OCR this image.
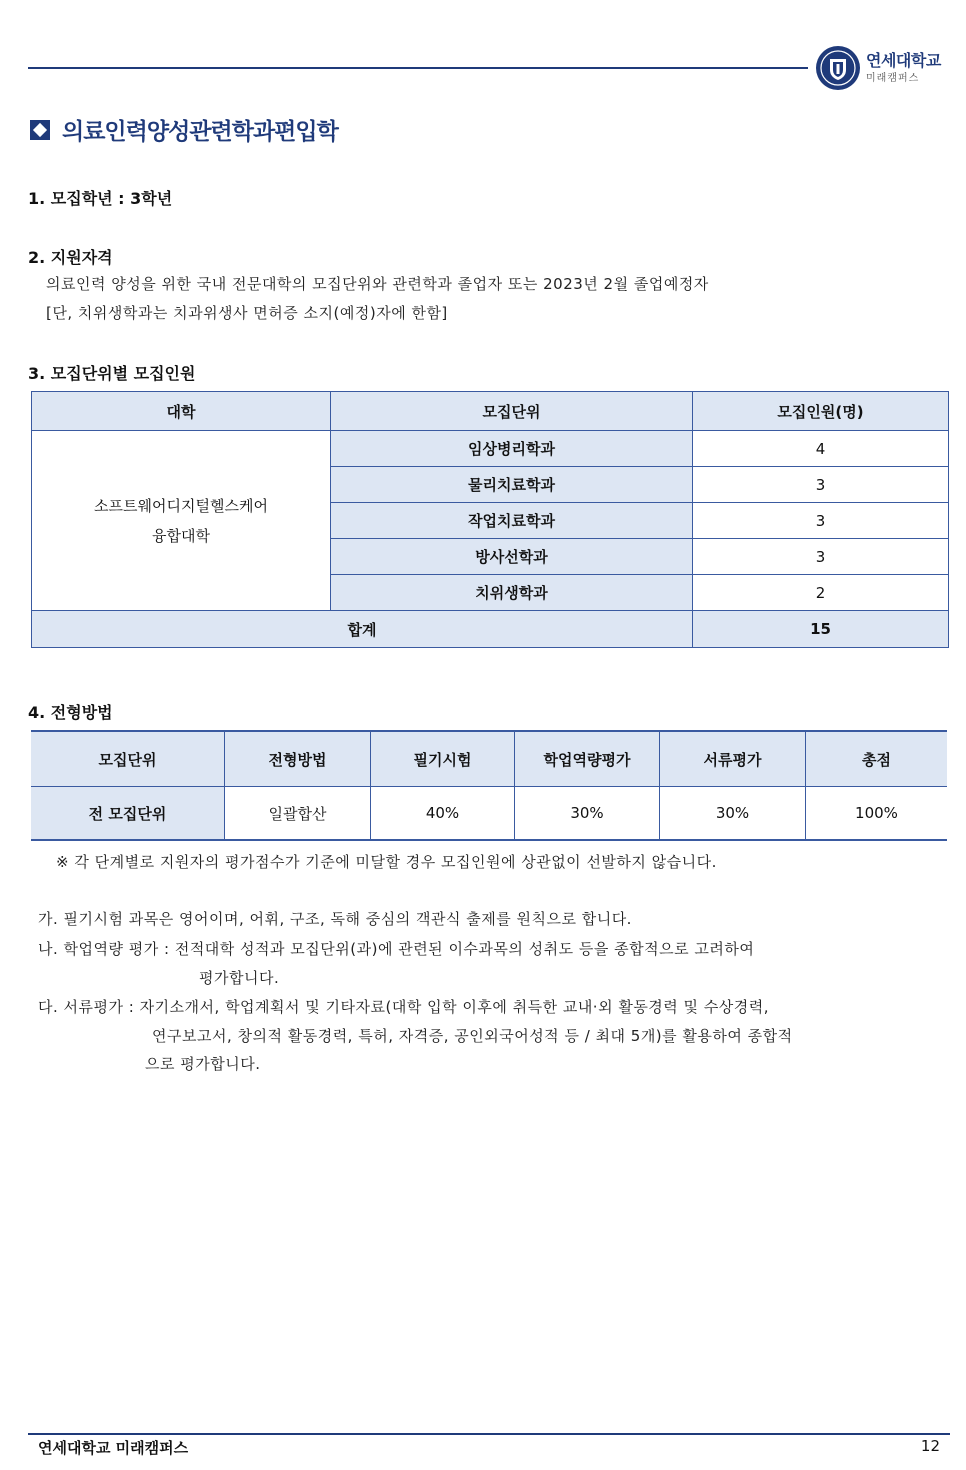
연세대학교
미래캠퍼스
의료인력양성관련학과편입학
1. 모집학년 : 3학년
2. 지원자격
의료인력 양성을 위한 국내 전문대학의 모집단위와 관련학과 졸업자 또는 2023년 2월 졸업예정자
[단, 치위생학과는 치과위생사 면허증 소지(예정)자에 한함]
3. 모집단위별 모집인원
대학	모집단위	모집인원(명)

소프트웨어디지털헬스케어
융합대학	임상병리학과	4
	물리치료학과	3
	작업치료학과	3
	방사선학과	3
	치위생학과	2
합계		15
4. 전형방법
모집단위	전형방법	필기시험	학업역량평가	서류평가	총점
전 모집단위	일괄합산	40%	30%	30%	100%
※ 각 단계별로 지원자의 평가점수가 기준에 미달할 경우 모집인원에 상관없이 선발하지 않습니다.
가. 필기시험 과목은 영어이며, 어휘, 구조, 독해 중심의 객관식 출제를 원칙으로 합니다.
나. 학업역량 평가 : 전적대학 성적과 모집단위(과)에 관련된 이수과목의 성취도 등을 종합적으로 고려하여
평가합니다.
다. 서류평가 : 자기소개서, 학업계획서 및 기타자료(대학 입학 이후에 취득한 교내·외 활동경력 및 수상경력,
연구보고서, 창의적 활동경력, 특허, 자격증, 공인외국어성적 등 / 최대 5개)를 활용하여 종합적
으로 평가합니다.
연세대학교 미래캠퍼스	12
